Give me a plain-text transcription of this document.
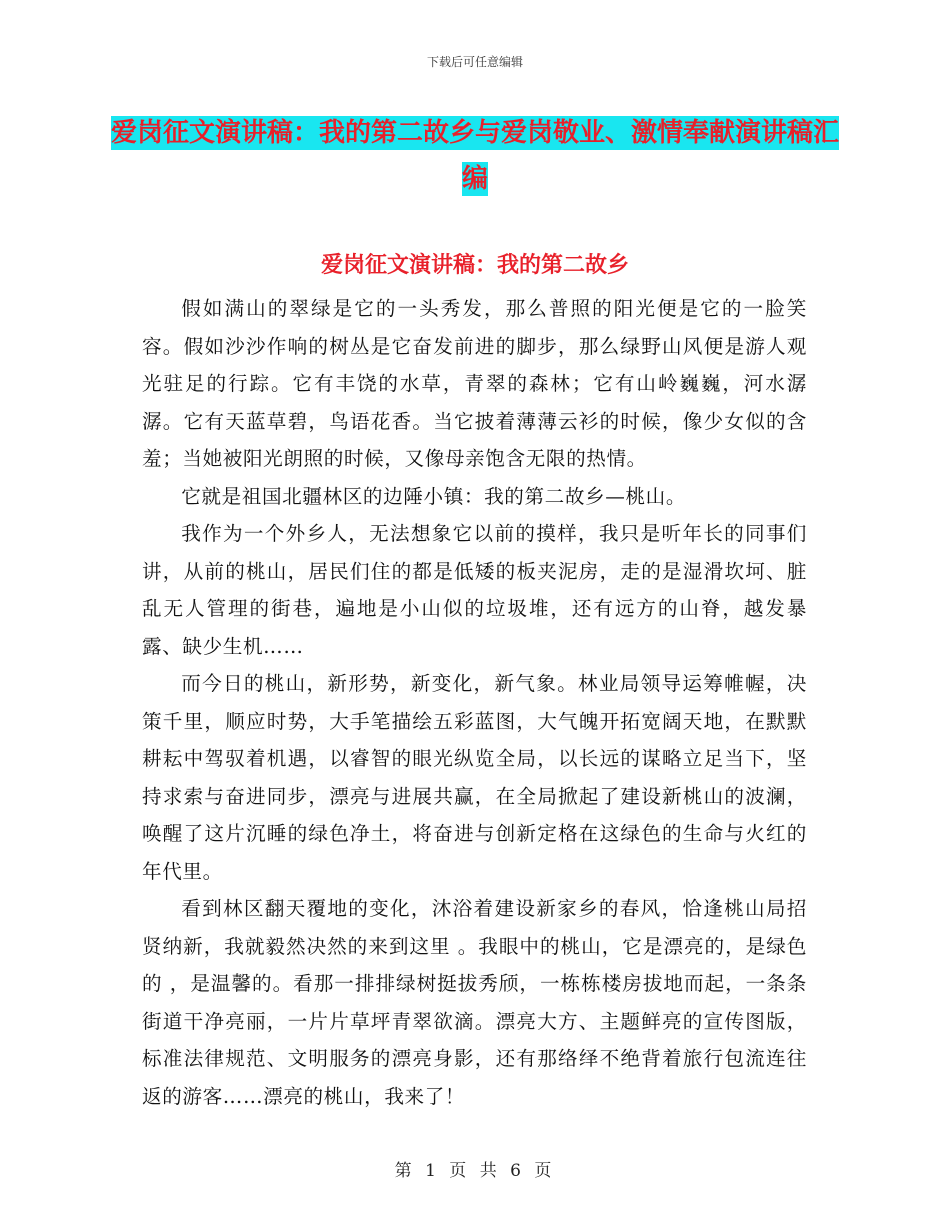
下载后可任意编辑
爱岗征文演讲稿：我的第二故乡与爱岗敬业、激情奉献演讲稿汇编
爱岗征文演讲稿：我的第二故乡

假如满山的翠绿是它的一头秀发，那么普照的阳光便是它的一脸笑容。假如沙沙作响的树丛是它奋发前进的脚步，那么绿野山风便是游人观光驻足的行踪。它有丰饶的水草，青翠的森林；它有山岭巍巍，河水潺潺。它有天蓝草碧，鸟语花香。当它披着薄薄云衫的时候，像少女似的含羞；当她被阳光朗照的时候，又像母亲饱含无限的热情。

它就是祖国北疆林区的边陲小镇：我的第二故乡—桃山。

我作为一个外乡人，无法想象它以前的摸样，我只是听年长的同事们讲，从前的桃山，居民们住的都是低矮的板夹泥房，走的是湿滑坎坷、脏乱无人管理的街巷，遍地是小山似的垃圾堆，还有远方的山脊，越发暴露、缺少生机……

而今日的桃山，新形势，新变化，新气象。林业局领导运筹帷幄，决策千里，顺应时势，大手笔描绘五彩蓝图，大气魄开拓宽阔天地，在默默耕耘中驾驭着机遇，以睿智的眼光纵览全局，以长远的谋略立足当下，坚持求索与奋进同步，漂亮与进展共赢，在全局掀起了建设新桃山的波澜，唤醒了这片沉睡的绿色净土，将奋进与创新定格在这绿色的生命与火红的年代里。

看到林区翻天覆地的变化，沐浴着建设新家乡的春风，恰逢桃山局招贤纳新，我就毅然决然的来到这里 。我眼中的桃山，它是漂亮的，是绿色的 ，是温馨的。看那一排排绿树挺拔秀颀，一栋栋楼房拔地而起，一条条街道干净亮丽，一片片草坪青翠欲滴。漂亮大方、主题鲜亮的宣传图版，标准法律规范、文明服务的漂亮身影，还有那络绎不绝背着旅行包流连往返的游客……漂亮的桃山，我来了！

第 1 页 共 6 页
